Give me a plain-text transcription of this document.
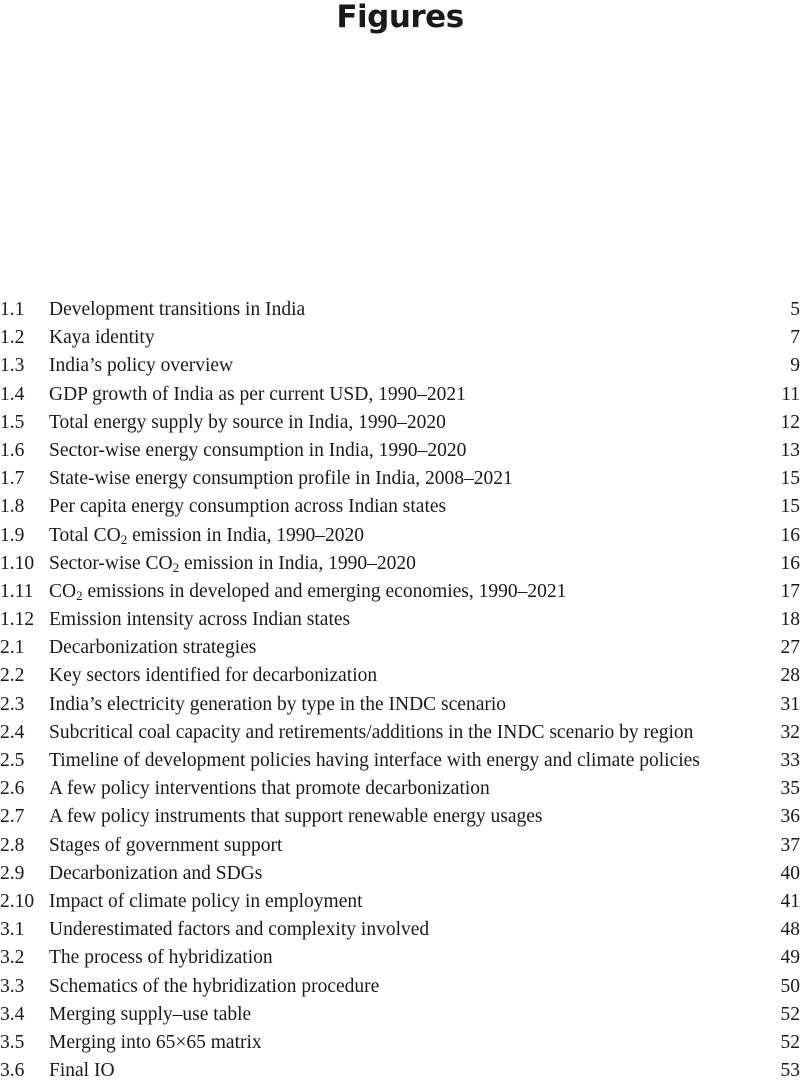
Figures
1.1 Development transitions in India	5
1.2 Kaya identity	7
1.3 India’s policy overview	9
1.4 GDP growth of India as per current USD, 1990–2021	11
1.5 Total energy supply by source in India, 1990–2020	12
1.6 Sector-wise energy consumption in India, 1990–2020	13
1.7 State-wise energy consumption profile in India, 2008–2021	15
1.8 Per capita energy consumption across Indian states	15
1.9 Total $CO_2$ emission in India, 1990–2020	16
1.10 Sector-wise $CO_2$ emission in India, 1990–2020	16
1.11 $CO_2$ emissions in developed and emerging economies, 1990–2021	17
1.12 Emission intensity across Indian states	18
2.1 Decarbonization strategies	27
2.2 Key sectors identified for decarbonization	28
2.3 India’s electricity generation by type in the INDC scenario	31
2.4 Subcritical coal capacity and retirements/additions in the INDC scenario by region	32
2.5 Timeline of development policies having interface with energy and climate policies	33
2.6 A few policy interventions that promote decarbonization	35
2.7 A few policy instruments that support renewable energy usages	36
2.8 Stages of government support	37
2.9 Decarbonization and SDGs	40
2.10 Impact of climate policy in employment	41
3.1 Underestimated factors and complexity involved	48
3.2 The process of hybridization	49
3.3 Schematics of the hybridization procedure	50
3.4 Merging supply–use table	52
3.5 Merging into 65×65 matrix	52
3.6 Final IO	53
